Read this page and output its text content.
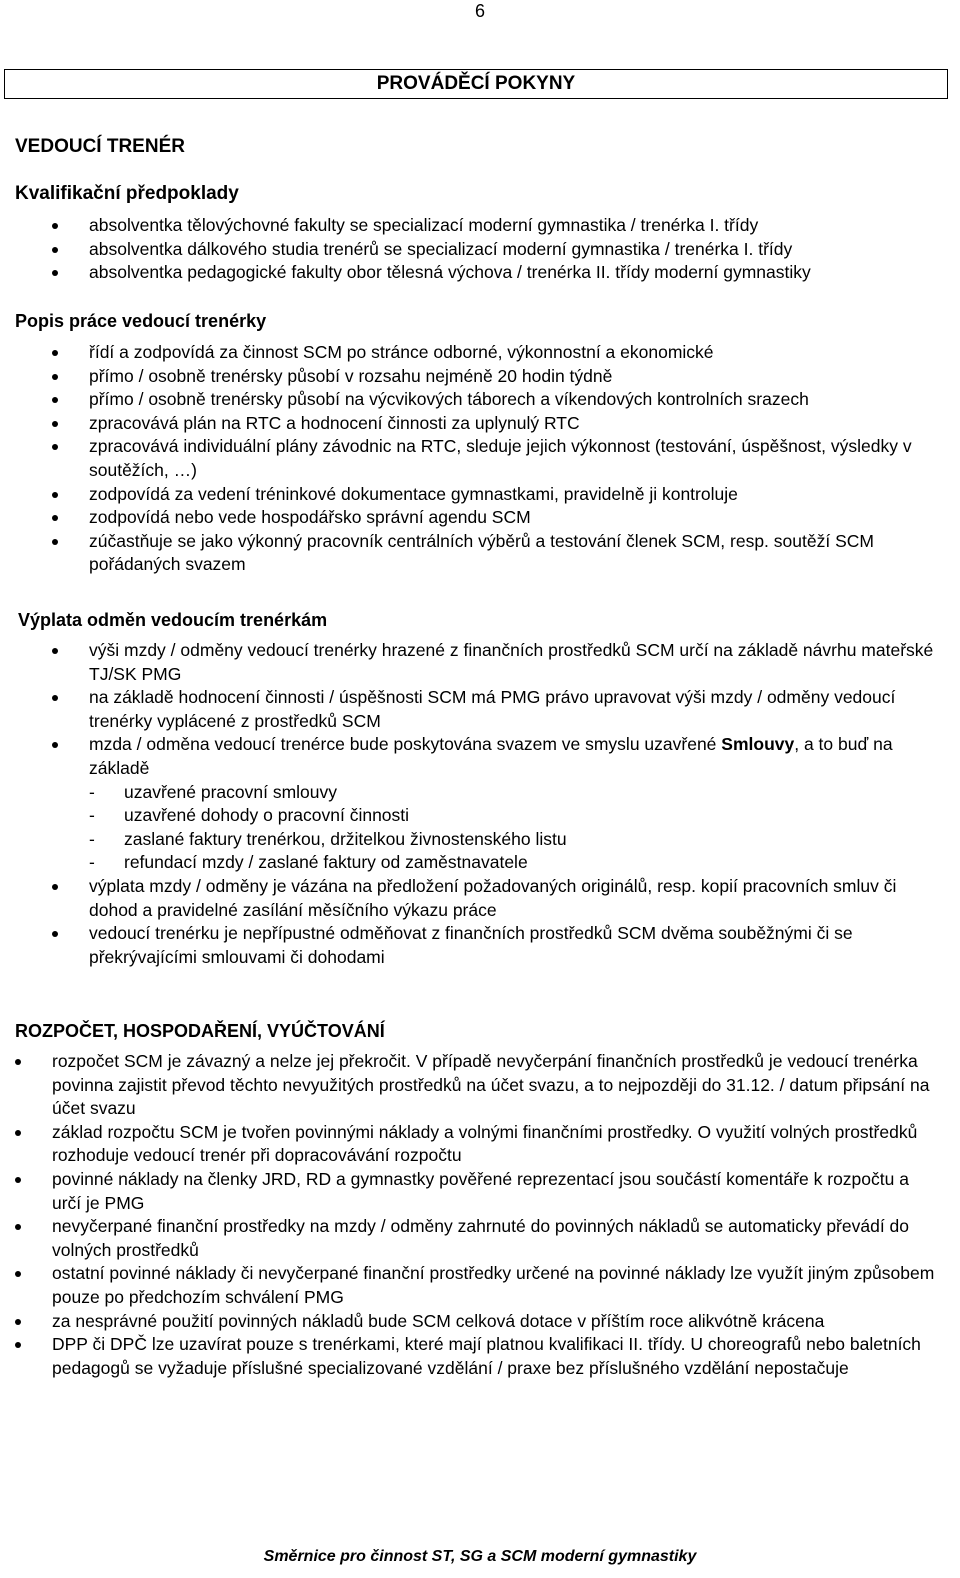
6
PROVÁDĚCÍ POKYNY
VEDOUCÍ TRENÉR
Kvalifikační předpoklady
absolventka tělovýchovné fakulty se specializací moderní gymnastika / trenérka I. třídy
absolventka dálkového studia trenérů se specializací moderní gymnastika / trenérka I. třídy
absolventka pedagogické fakulty obor tělesná výchova / trenérka II. třídy moderní gymnastiky
Popis práce vedoucí trenérky
řídí a zodpovídá za činnost SCM po stránce odborné, výkonnostní a ekonomické
přímo / osobně trenérsky působí v rozsahu nejméně 20 hodin týdně
přímo / osobně trenérsky působí na výcvikových táborech a víkendových kontrolních srazech
zpracovává plán na RTC a hodnocení činnosti za uplynulý RTC
zpracovává individuální plány závodnic na RTC, sleduje jejich výkonnost (testování, úspěšnost, výsledky v soutěžích, …)
zodpovídá za vedení tréninkové dokumentace gymnastkami, pravidelně ji kontroluje
zodpovídá nebo vede hospodářsko správní agendu SCM
zúčastňuje se jako výkonný pracovník centrálních výběrů a testování členek SCM, resp. soutěží SCM pořádaných svazem
Výplata odměn vedoucím trenérkám
výši mzdy / odměny vedoucí trenérky hrazené z finančních prostředků SCM určí na základě návrhu mateřské TJ/SK PMG
na základě hodnocení činnosti / úspěšnosti SCM má PMG právo upravovat výši mzdy / odměny vedoucí trenérky vyplácené z prostředků SCM
mzda / odměna vedoucí trenérce bude poskytována svazem ve smyslu uzavřené Smlouvy, a to buď na základě
- uzavřené pracovní smlouvy
- uzavřené dohody o pracovní činnosti
- zaslané faktury trenérkou, držitelkou živnostenského listu
- refundací mzdy / zaslané faktury od zaměstnavatele
výplata mzdy / odměny je vázána na předložení požadovaných originálů, resp. kopií pracovních smluv či dohod a pravidelné zasílání měsíčního výkazu práce
vedoucí trenérku je nepřípustné odměňovat z finančních prostředků SCM dvěma souběžnými či se překrývajícími smlouvami či dohodami
ROZPOČET, HOSPODAŘENÍ, VYÚČTOVÁNÍ
rozpočet SCM je závazný a nelze jej překročit. V případě nevyčerpání finančních prostředků je vedoucí trenérka povinna zajistit převod těchto nevyužitých prostředků na účet svazu, a to nejpozději do 31.12. / datum připsání na účet svazu
základ rozpočtu SCM je tvořen povinnými náklady a volnými finančními prostředky. O využití volných prostředků rozhoduje vedoucí trenér při dopracovávání rozpočtu
povinné náklady na členky JRD, RD a gymnastky pověřené reprezentací jsou součástí komentáře k rozpočtu a určí je PMG
nevyčerpané finanční prostředky na mzdy / odměny zahrnuté do povinných nákladů se automaticky převádí do volných prostředků
ostatní povinné náklady či nevyčerpané finanční prostředky určené na povinné náklady lze využít jiným způsobem pouze po předchozím schválení PMG
za nesprávné použití povinných nákladů bude SCM celková dotace v příštím roce alikvótně krácena
DPP či DPČ lze uzavírat pouze s trenérkami, které mají platnou kvalifikaci II. třídy. U choreografů nebo baletních pedagogů se vyžaduje příslušné specializované vzdělání / praxe bez příslušného vzdělání nepostačuje
Směrnice pro činnost ST, SG a SCM moderní gymnastiky
